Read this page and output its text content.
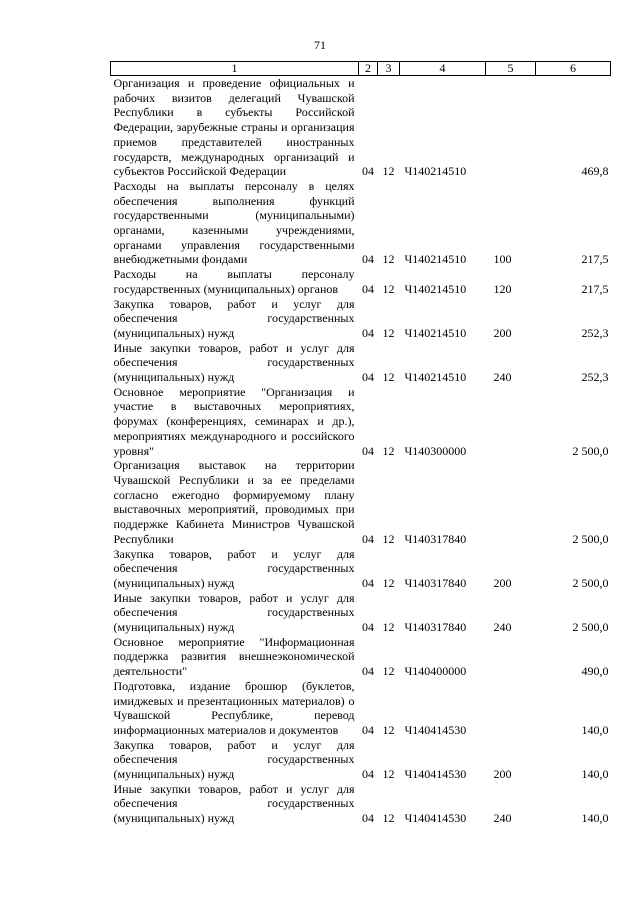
71
1	2	3	4	5	6
Организация и проведение официальных и рабочих визитов делегаций Чувашской Республики в субъекты Российской Федерации, зарубежные страны и организация приемов представителей иностранных государств, международных организаций и субъектов Российской Федерации	04	12	Ч140214510		469,8
Расходы на выплаты персоналу в целях обеспечения выполнения функций государственными (муниципальными) органами, казенными учреждениями, органами управления государственными внебюджетными фондами	04	12	Ч140214510	100	217,5
Расходы на выплаты персоналу государственных (муниципальных) органов	04	12	Ч140214510	120	217,5
Закупка товаров, работ и услуг для обеспечения государственных (муниципальных) нужд	04	12	Ч140214510	200	252,3
Иные закупки товаров, работ и услуг для обеспечения государственных (муниципальных) нужд	04	12	Ч140214510	240	252,3
Основное мероприятие "Организация и участие в выставочных мероприятиях, форумах (конференциях, семинарах и др.), мероприятиях международного и российского уровня"	04	12	Ч140300000		2 500,0
Организация выставок на территории Чувашской Республики и за ее пределами согласно ежегодно формируемому плану выставочных мероприятий, проводимых при поддержке Кабинета Министров Чувашской Республики	04	12	Ч140317840		2 500,0
Закупка товаров, работ и услуг для обеспечения государственных (муниципальных) нужд	04	12	Ч140317840	200	2 500,0
Иные закупки товаров, работ и услуг для обеспечения государственных (муниципальных) нужд	04	12	Ч140317840	240	2 500,0
Основное мероприятие "Информационная поддержка развития внешнеэкономической деятельности"	04	12	Ч140400000		490,0
Подготовка, издание брошюр (буклетов, имиджевых и презентационных материалов) о Чувашской Республике, перевод информационных материалов и документов	04	12	Ч140414530		140,0
Закупка товаров, работ и услуг для обеспечения государственных (муниципальных) нужд	04	12	Ч140414530	200	140,0
Иные закупки товаров, работ и услуг для обеспечения государственных (муниципальных) нужд	04	12	Ч140414530	240	140,0
